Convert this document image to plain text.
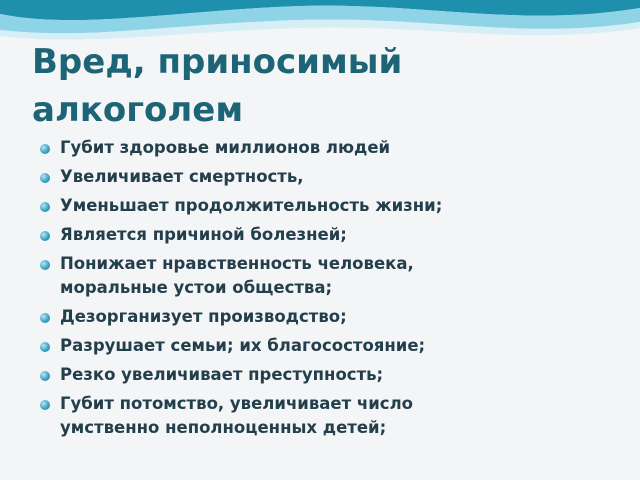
Вред, приносимый
алкоголем
Губит здоровье миллионов людей
Увеличивает смертность,
Уменьшает продолжительность жизни;
Является причиной болезней;
Понижает нравственность человека,
моральные устои общества;
Дезорганизует производство;
Разрушает семьи; их благосостояние;
Резко увеличивает преступность;
Губит потомство, увеличивает число
умственно неполноценных детей;
